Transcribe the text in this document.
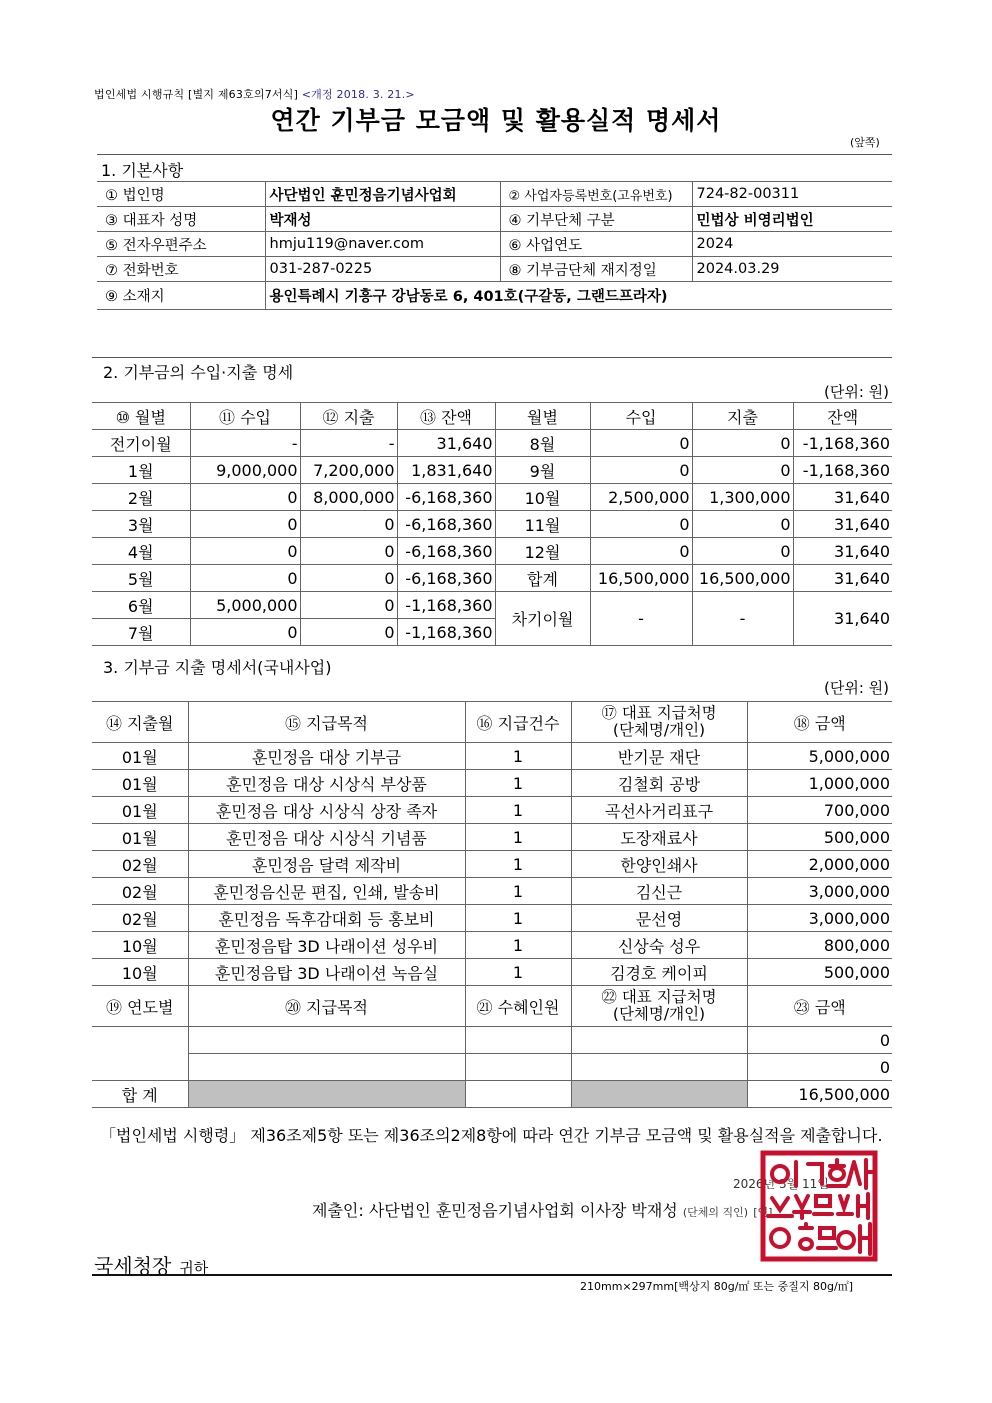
법인세법 시행규칙 [별지 제63호의7서식] <개정 2018. 3. 21.>
연간 기부금 모금액 및 활용실적 명세서
(앞쪽)
1. 기본사항
① 법인명	사단법인 훈민정음기념사업회	② 사업자등록번호(고유번호)	724-82-00311
③ 대표자 성명	박재성	④ 기부단체 구분	민법상 비영리법인
⑤ 전자우편주소	hmju119@naver.com	⑥ 사업연도	2024
⑦ 전화번호	031-287-0225	⑧ 기부금단체 재지정일	2024.03.29
⑨ 소재지	용인특례시 기흥구 강남동로 6, 401호(구갈동, 그랜드프라자)		
2. 기부금의 수입·지출 명세
(단위: 원)
⑩ 월별	⑪ 수입	⑫ 지출	⑬ 잔액	월별	수입	지출	잔액
전기이월	-	-	31,640	8월	0	0	-1,168,360
1월	9,000,000	7,200,000	1,831,640	9월	0	0	-1,168,360
2월	0	8,000,000	-6,168,360	10월	2,500,000	1,300,000	31,640
3월	0	0	-6,168,360	11월	0	0	31,640
4월	0	0	-6,168,360	12월	0	0	31,640
5월	0	0	-6,168,360	합계	16,500,000	16,500,000	31,640
6월	5,000,000	0	-1,168,360	차기이월	-	-	31,640
7월	0	0	-1,168,360				
3. 기부금 지출 명세서(국내사업)
(단위: 원)
⑭ 지출월	⑮ 지급목적	⑯ 지급건수	⑰ 대표 지급처명
(단체명/개인)	⑱ 금액
01월	훈민정음 대상 기부금	1	반기문 재단	5,000,000
01월	훈민정음 대상 시상식 부상품	1	김철회 공방	1,000,000
01월	훈민정음 대상 시상식 상장 족자	1	곡선사거리표구	700,000
01월	훈민정음 대상 시상식 기념품	1	도장재료사	500,000
02월	훈민정음 달력 제작비	1	한양인쇄사	2,000,000
02월	훈민정음신문 편집, 인쇄, 발송비	1	김신근	3,000,000
02월	훈민정음 독후감대회 등 홍보비	1	문선영	3,000,000
10월	훈민정음탑 3D 나래이션 성우비	1	신상숙 성우	800,000
10월	훈민정음탑 3D 나래이션 녹음실	1	김경호 케이피	500,000
⑲ 연도별	⑳ 지급목적	㉑ 수혜인원	㉒ 대표 지급처명
(단체명/개인)	㉓ 금액
				0
				0
합 계				16,500,000
「법인세법 시행령」 제36조제5항 또는 제36조의2제8항에 따라 연간 기부금 모금액 및 활용실적을 제출합니다.
2026년 3월 11일
제출인: 사단법인 훈민정음기념사업회 이사장 박재성 (단체의 직인) [인]
국세청장 귀하
210mm×297mm[백상지 80g/㎡ 또는 중질지 80g/㎡]
